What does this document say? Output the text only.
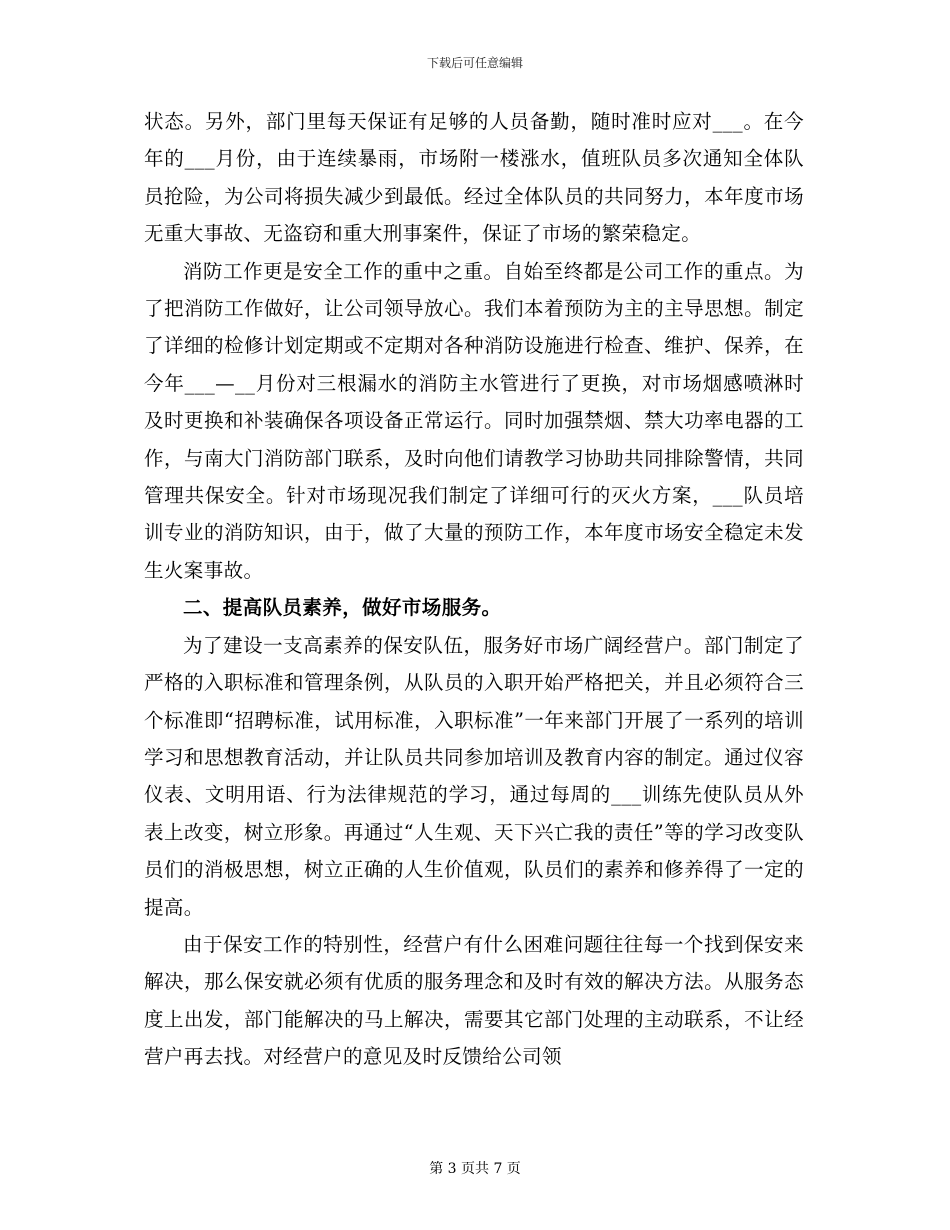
下载后可任意编辑

状态。另外，部门里每天保证有足够的人员备勤，随时准时应对___。在今年的___月份，由于连续暴雨，市场附一楼涨水，值班队员多次通知全体队员抢险，为公司将损失减少到最低。经过全体队员的共同努力，本年度市场无重大事故、无盗窃和重大刑事案件，保证了市场的繁荣稳定。

消防工作更是安全工作的重中之重。自始至终都是公司工作的重点。为了把消防工作做好，让公司领导放心。我们本着预防为主的主导思想。制定了详细的检修计划定期或不定期对各种消防设施进行检查、维护、保养，在今年___—__月份对三根漏水的消防主水管进行了更换，对市场烟感喷淋时及时更换和补装确保各项设备正常运行。同时加强禁烟、禁大功率电器的工作，与南大门消防部门联系，及时向他们请教学习协助共同排除警情，共同管理共保安全。针对市场现况我们制定了详细可行的灭火方案，___队员培训专业的消防知识，由于，做了大量的预防工作，本年度市场安全稳定未发生火案事故。

二、提高队员素养，做好市场服务。

为了建设一支高素养的保安队伍，服务好市场广阔经营户。部门制定了严格的入职标准和管理条例，从队员的入职开始严格把关，并且必须符合三个标准即“招聘标准，试用标准，入职标准”一年来部门开展了一系列的培训学习和思想教育活动，并让队员共同参加培训及教育内容的制定。通过仪容仪表、文明用语、行为法律规范的学习，通过每周的___训练先使队员从外表上改变，树立形象。再通过“人生观、天下兴亡我的责任”等的学习改变队员们的消极思想，树立正确的人生价值观，队员们的素养和修养得了一定的提高。

由于保安工作的特别性，经营户有什么困难问题往往每一个找到保安来解决，那么保安就必须有优质的服务理念和及时有效的解决方法。从服务态度上出发，部门能解决的马上解决，需要其它部门处理的主动联系，不让经营户再去找。对经营户的意见及时反馈给公司领

第 3 页共 7 页
